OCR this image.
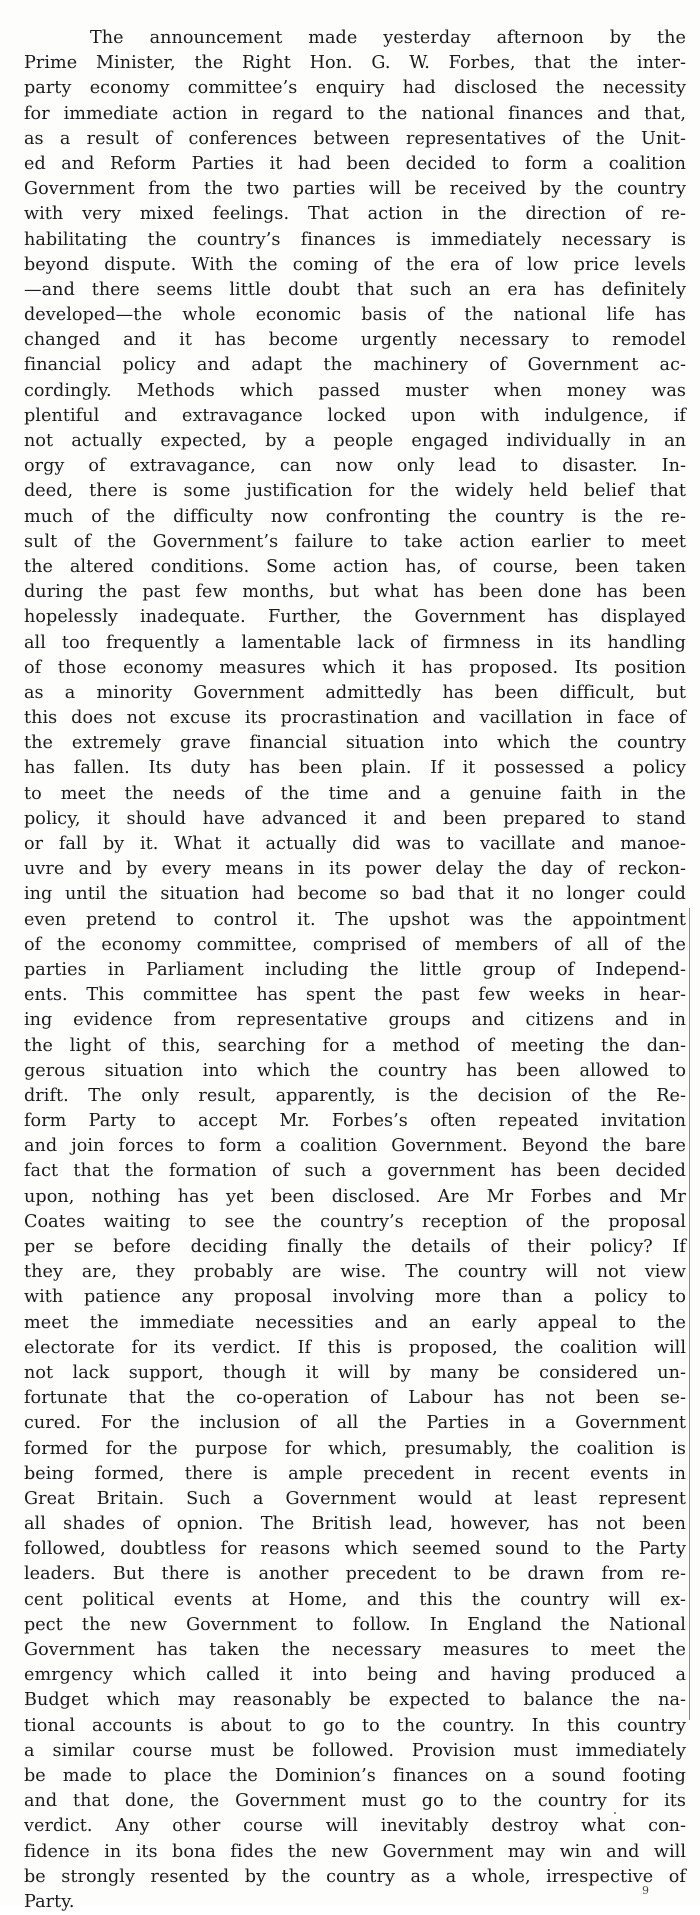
The announcement made yesterday afternoon by the
Prime Minister, the Right Hon. G. W. Forbes, that the inter-
party economy committee’s enquiry had disclosed the necessity
for immediate action in regard to the national finances and that,
as a result of conferences between representatives of the Unit-
ed and Reform Parties it had been decided to form a coalition
Government from the two parties will be received by the country
with very mixed feelings. That action in the direction of re-
habilitating the country’s finances is immediately necessary is
beyond dispute. With the coming of the era of low price levels
—and there seems little doubt that such an era has definitely
developed—the whole economic basis of the national life has
changed and it has become urgently necessary to remodel
financial policy and adapt the machinery of Government ac-
cordingly. Methods which passed muster when money was
plentiful and extravagance locked upon with indulgence, if
not actually expected, by a people engaged individually in an
orgy of extravagance, can now only lead to disaster. In-
deed, there is some justification for the widely held belief that
much of the difficulty now confronting the country is the re-
sult of the Government’s failure to take action earlier to meet
the altered conditions. Some action has, of course, been taken
during the past few months, but what has been done has been
hopelessly inadequate. Further, the Government has displayed
all too frequently a lamentable lack of firmness in its handling
of those economy measures which it has proposed. Its position
as a minority Government admittedly has been difficult, but
this does not excuse its procrastination and vacillation in face of
the extremely grave financial situation into which the country
has fallen. Its duty has been plain. If it possessed a policy
to meet the needs of the time and a genuine faith in the
policy, it should have advanced it and been prepared to stand
or fall by it. What it actually did was to vacillate and manoe-
uvre and by every means in its power delay the day of reckon-
ing until the situation had become so bad that it no longer could
even pretend to control it. The upshot was the appointment
of the economy committee, comprised of members of all of the
parties in Parliament including the little group of Independ-
ents. This committee has spent the past few weeks in hear-
ing evidence from representative groups and citizens and in
the light of this, searching for a method of meeting the dan-
gerous situation into which the country has been allowed to
drift. The only result, apparently, is the decision of the Re-
form Party to accept Mr. Forbes’s often repeated invitation
and join forces to form a coalition Government. Beyond the bare
fact that the formation of such a government has been decided
upon, nothing has yet been disclosed. Are Mr Forbes and Mr
Coates waiting to see the country’s reception of the proposal
per se before deciding finally the details of their policy? If
they are, they probably are wise. The country will not view
with patience any proposal involving more than a policy to
meet the immediate necessities and an early appeal to the
electorate for its verdict. If this is proposed, the coalition will
not lack support, though it will by many be considered un-
fortunate that the co-operation of Labour has not been se-
cured. For the inclusion of all the Parties in a Government
formed for the purpose for which, presumably, the coalition is
being formed, there is ample precedent in recent events in
Great Britain. Such a Government would at least represent
all shades of opnion. The British lead, however, has not been
followed, doubtless for reasons which seemed sound to the Party
leaders. But there is another precedent to be drawn from re-
cent political events at Home, and this the country will ex-
pect the new Government to follow. In England the National
Government has taken the necessary measures to meet the
emrgency which called it into being and having produced a
Budget which may reasonably be expected to balance the na-
tional accounts is about to go to the country. In this country
a similar course must be followed. Provision must immediately
be made to place the Dominion’s finances on a sound footing
and that done, the Government must go to the country for its
verdict. Any other course will inevitably destroy what con-
fidence in its bona fides the new Government may win and will
be strongly resented by the country as a whole, irrespective of
Party.
9
